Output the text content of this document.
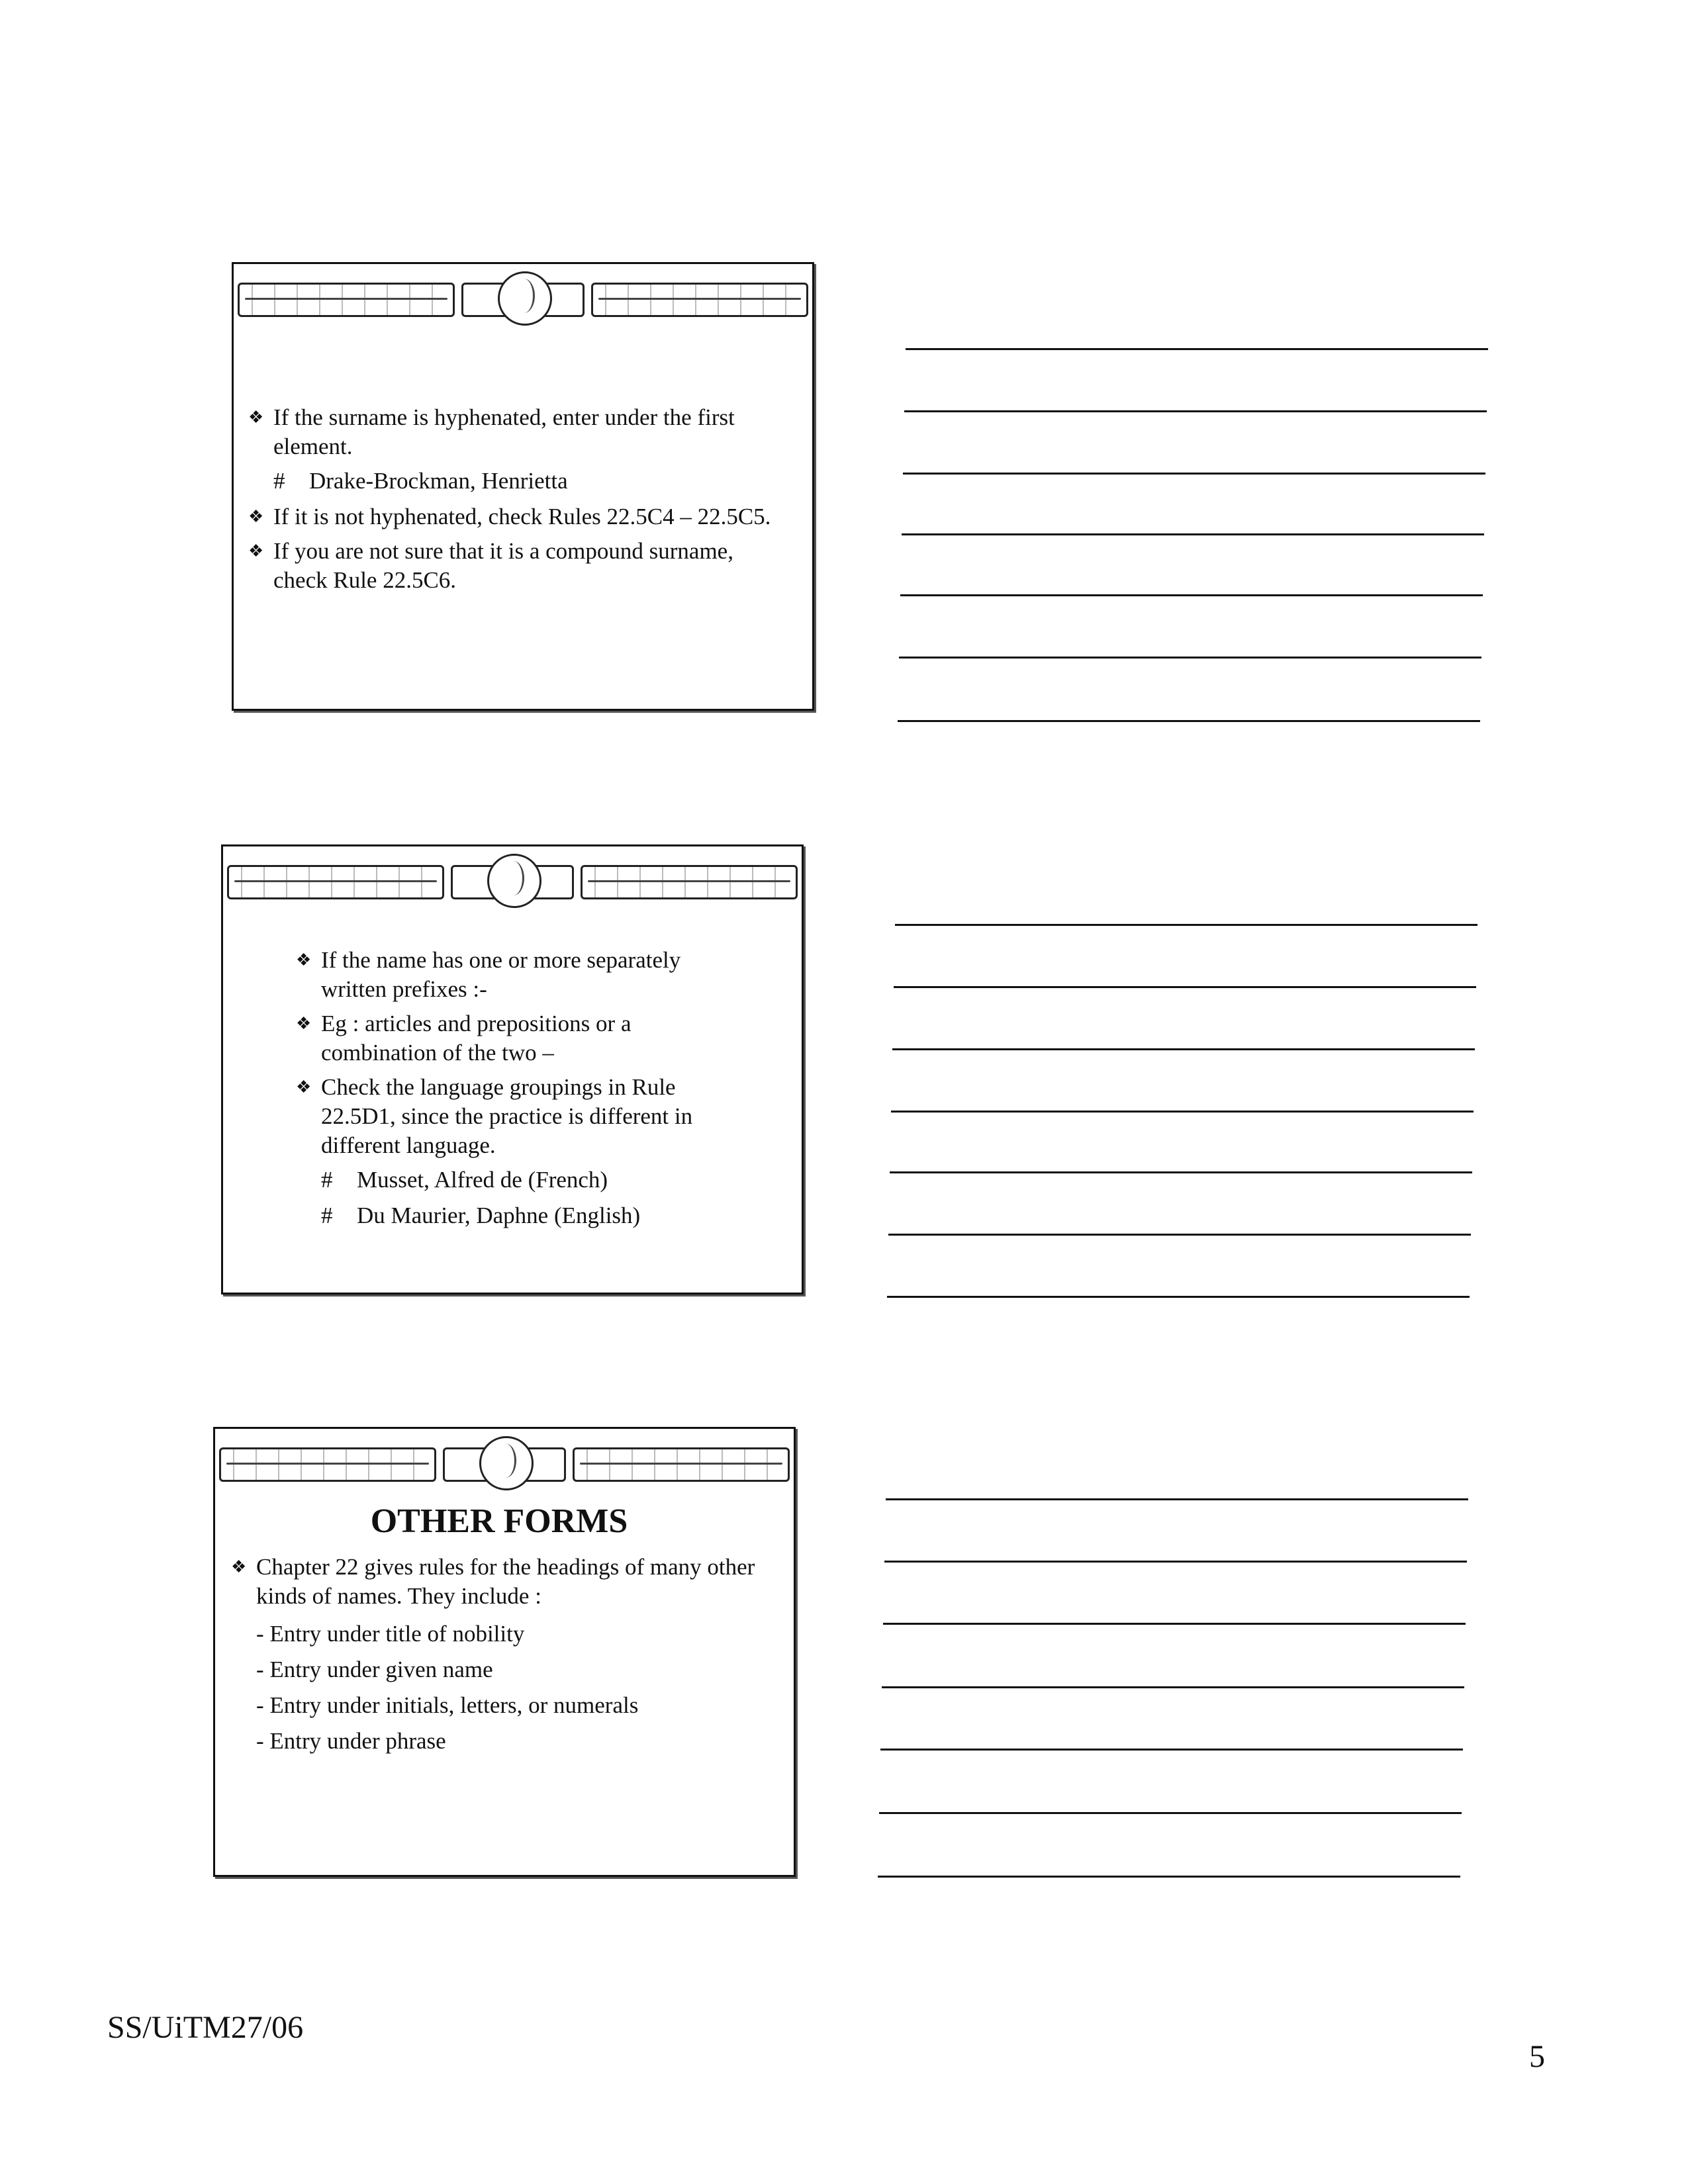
❖ If the surname is hyphenated, enter under the first element.
# Drake-Brockman, Henrietta
❖ If it is not hyphenated, check Rules 22.5C4 – 22.5C5.
❖ If you are not sure that it is a compound surname, check Rule 22.5C6.
❖ If the name has one or more separately written prefixes :-
❖ Eg : articles and prepositions or a combination of the two –
❖ Check the language groupings in Rule 22.5D1, since the practice is different in different language.
# Musset, Alfred de (French)
# Du Maurier, Daphne (English)
OTHER FORMS
❖ Chapter 22 gives rules for the headings of many other kinds of names. They include :
- Entry under title of nobility
- Entry under given name
- Entry under initials, letters, or numerals
- Entry under phrase
SS/UiTM27/06
5
